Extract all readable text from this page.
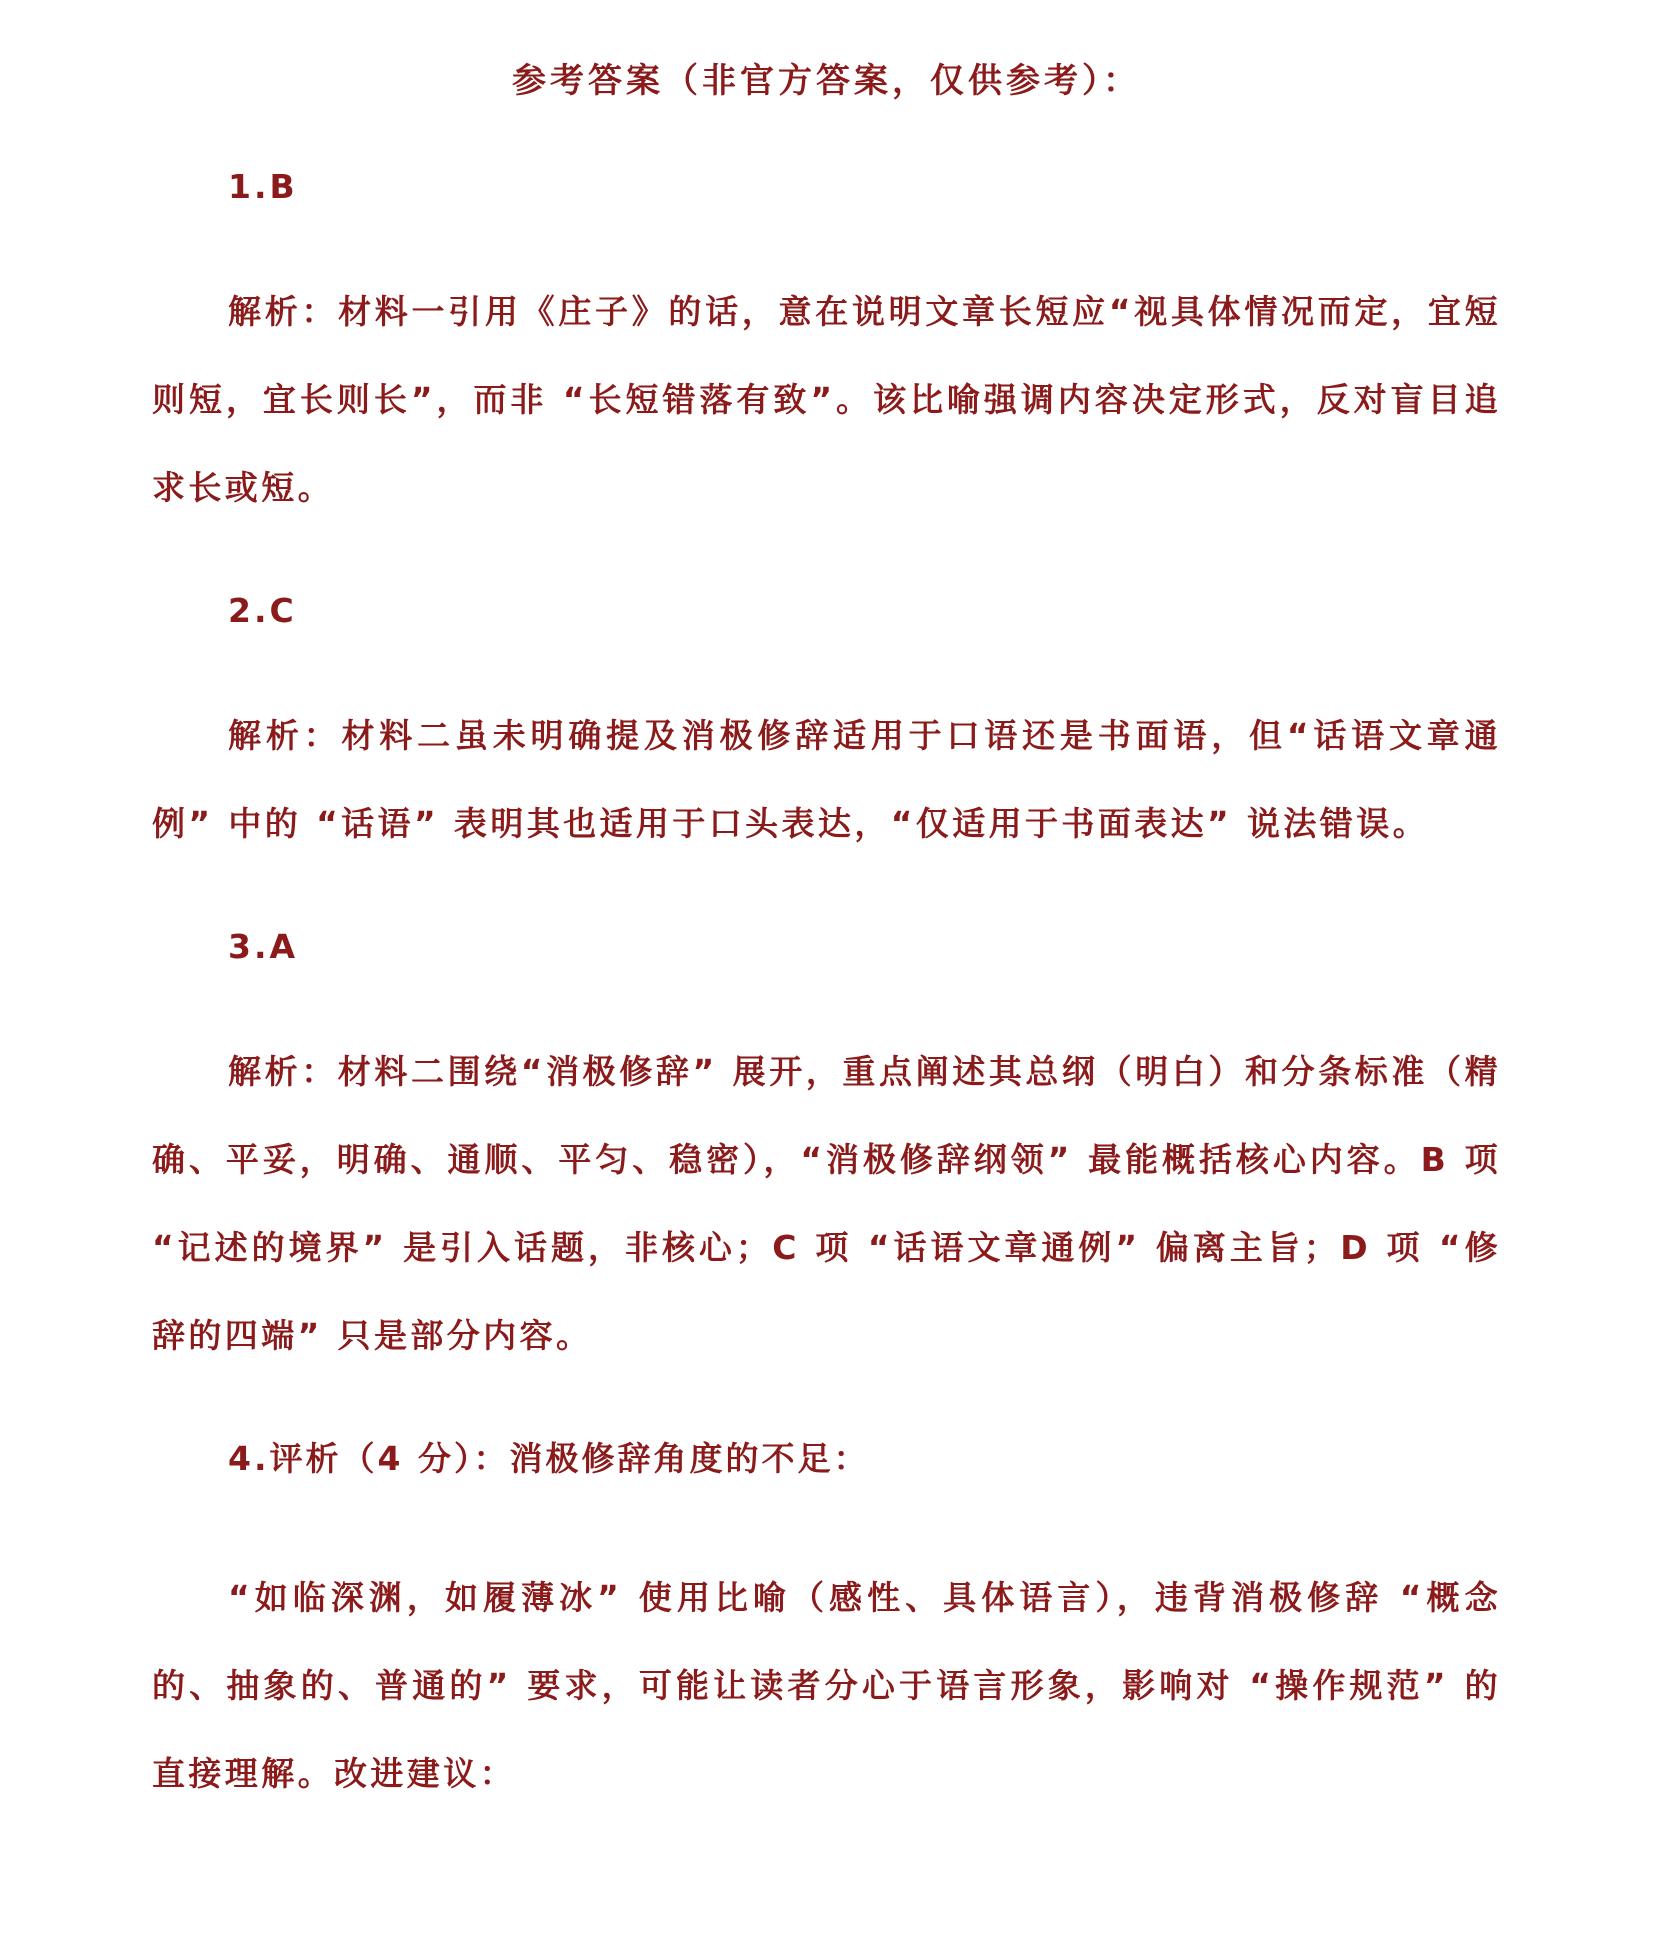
参考答案（非官方答案，仅供参考）：

1.B

解析：材料一引用《庄子》的话，意在说明文章长短应“视具体情况而定，宜短则短，宜长则长”，而非 “长短错落有致”。该比喻强调内容决定形式，反对盲目追求长或短。

2.C

解析：材料二虽未明确提及消极修辞适用于口语还是书面语，但“话语文章通例” 中的 “话语” 表明其也适用于口头表达，“仅适用于书面表达” 说法错误。

3.A

解析：材料二围绕“消极修辞” 展开，重点阐述其总纲（明白）和分条标准（精确、平妥，明确、通顺、平匀、稳密），“消极修辞纲领” 最能概括核心内容。B 项 “记述的境界” 是引入话题，非核心；C 项 “话语文章通例” 偏离主旨；D 项 “修辞的四端” 只是部分内容。

4.评析（4 分）：消极修辞角度的不足：

“如临深渊，如履薄冰” 使用比喻（感性、具体语言），违背消极修辞 “概念的、抽象的、普通的” 要求，可能让读者分心于语言形象，影响对 “操作规范” 的直接理解。改进建议：
